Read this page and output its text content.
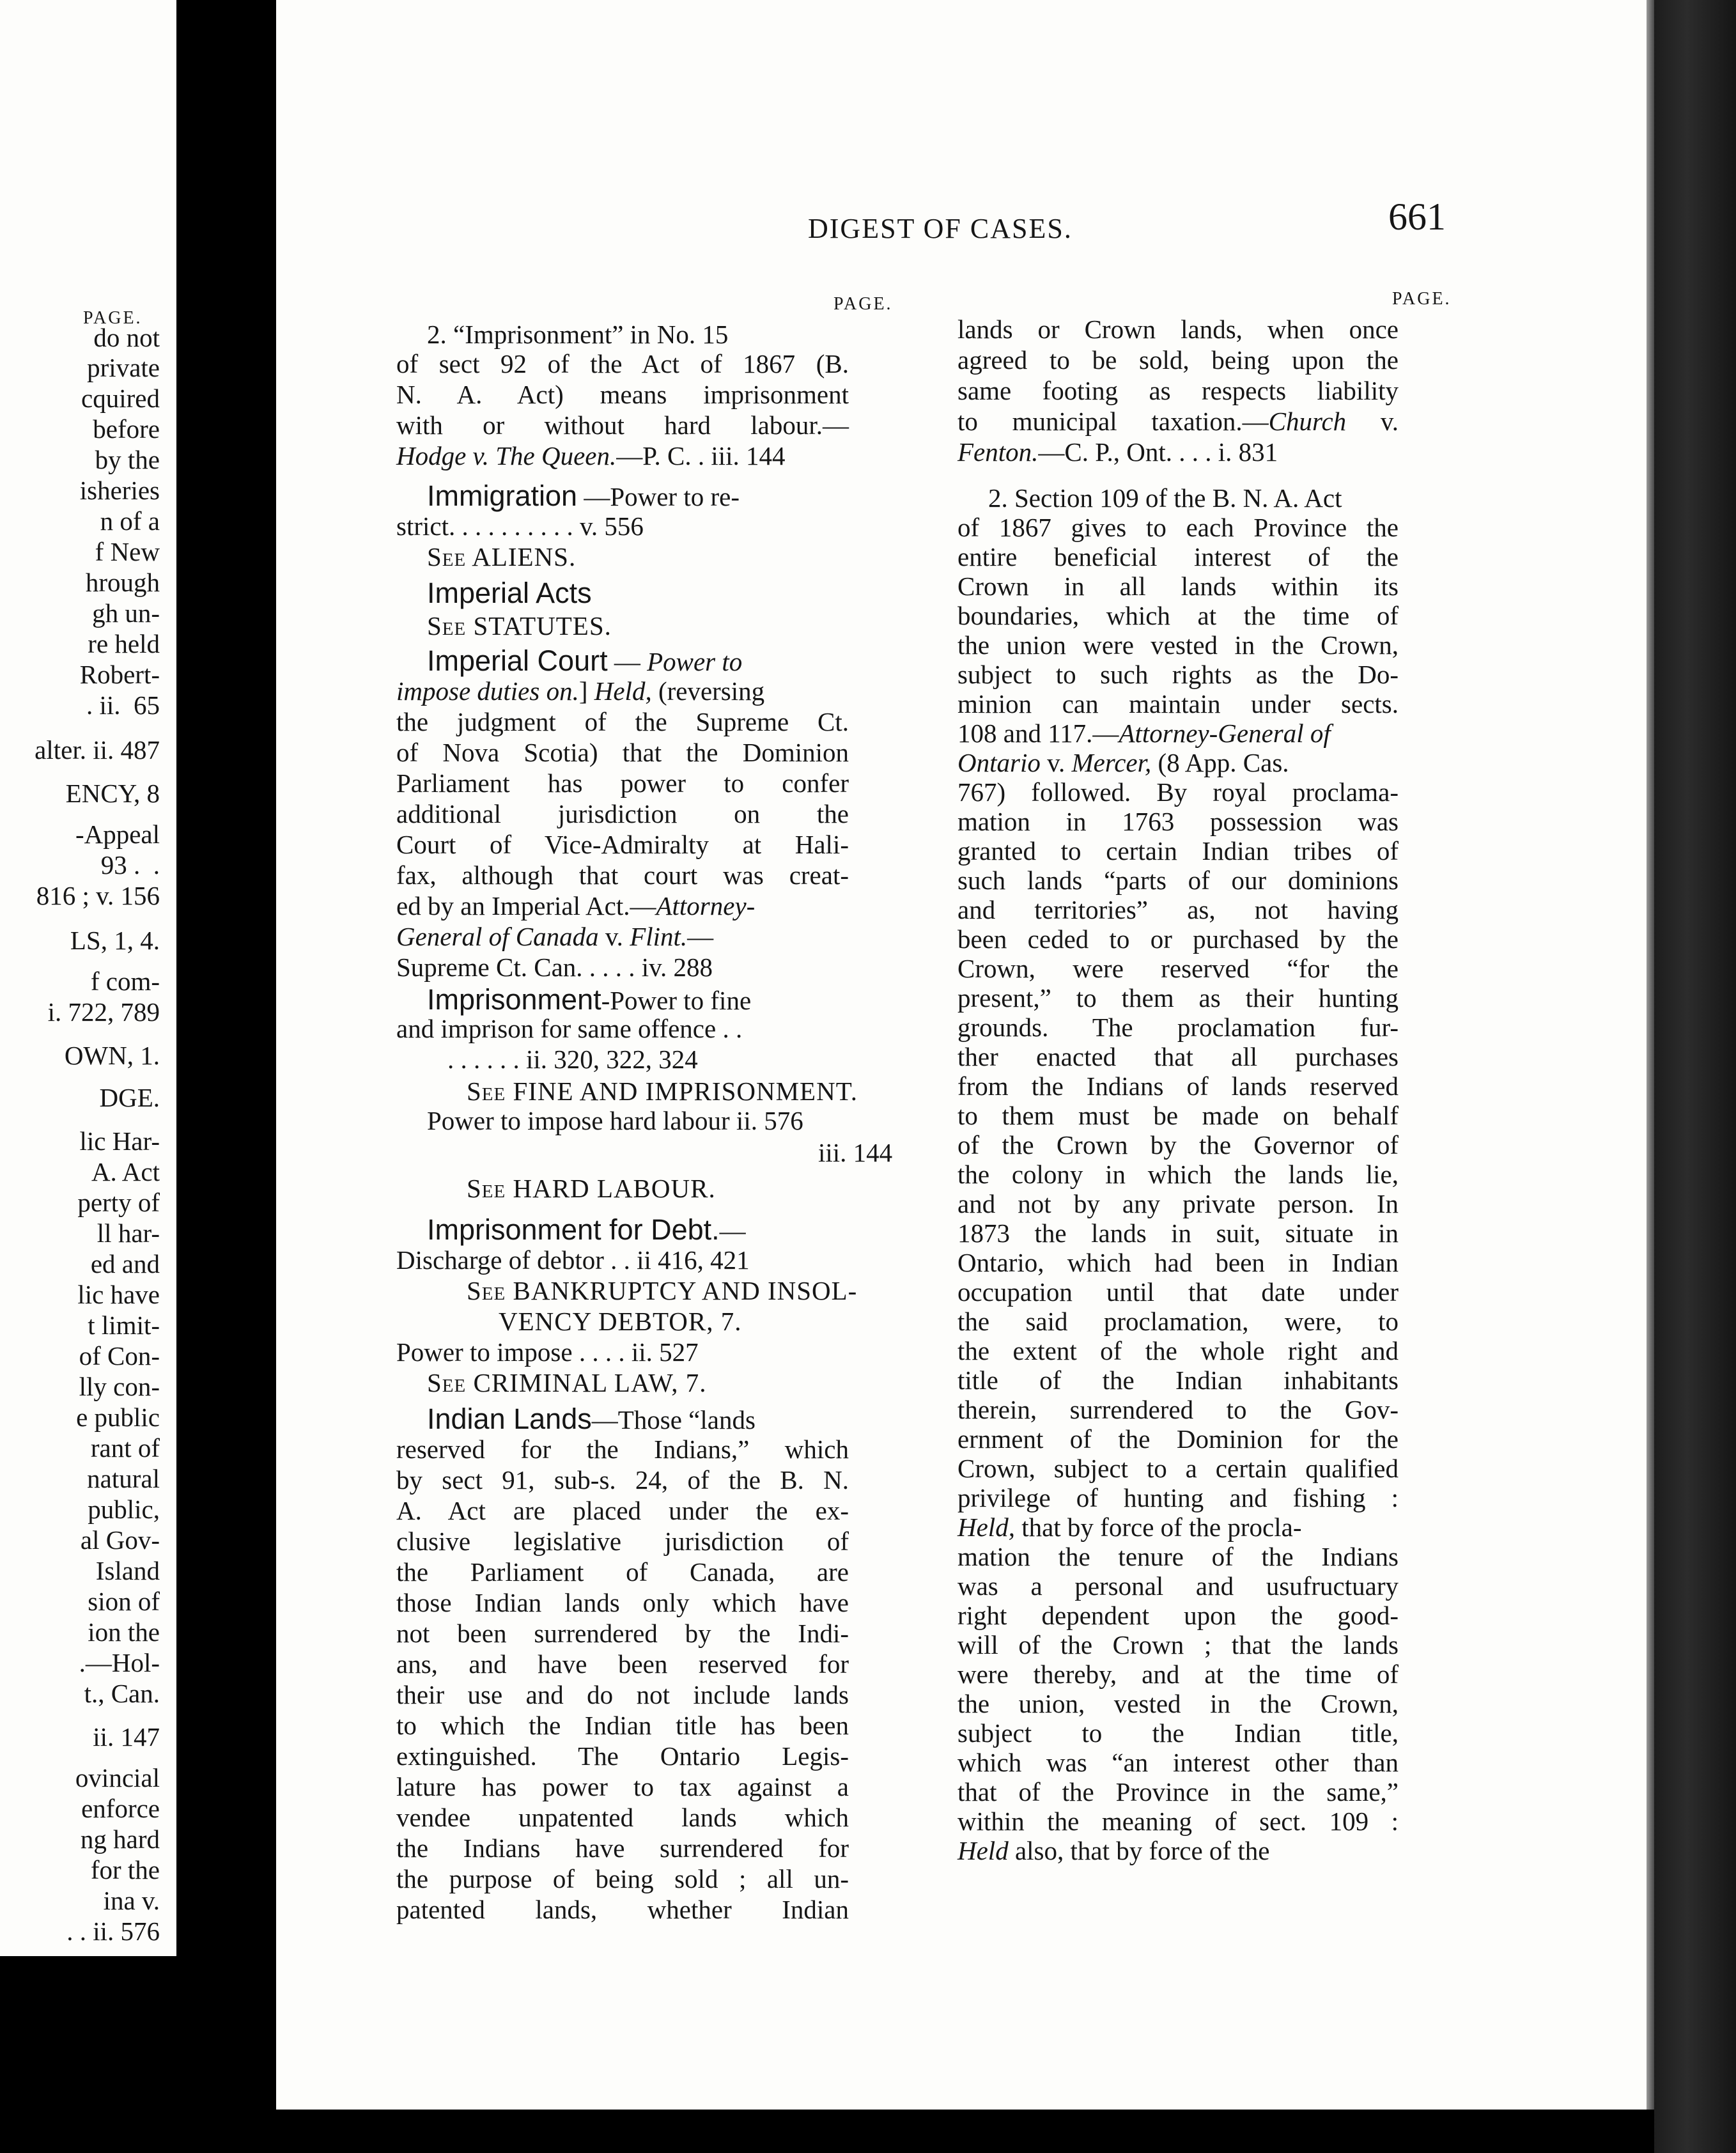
PAGE.
do not
private
cquired
before
by the
isheries
n of a
f New
hrough
gh un-
re held
Robert-
. ii.  65
alter. ii. 487
ENCY, 8
-Appeal
93 .  .
816 ; v. 156
LS, 1, 4.
f com-
i. 722, 789
OWN, 1.
DGE.
lic Har-
A. Act
perty of
ll har-
ed and
lic have
t limit-
of Con-
lly con-
e public
rant of
natural
public,
al Gov-
Island
sion of
ion the
.—Hol-
t., Can.
ii. 147
ovincial
enforce
ng hard
for the
ina v.
. . ii. 576
DIGEST OF CASES.	661
PAGE.	PAGE.
2. “Imprisonment” in No. 15
of sect 92 of the Act of 1867 (B.
N. A. Act) means imprisonment
with or without hard labour.—
Hodge v. The Queen.—P. C. . iii. 144
Immigration —Power to re-
strict. . . . . . . . . . v. 556
See ALIENS.
Imperial Acts
See STATUTES.
Imperial Court — Power to
impose duties on.] Held, (reversing
the judgment of the Supreme Ct.
of Nova Scotia) that the Dominion
Parliament has power to confer
additional jurisdiction on the
Court of Vice-Admiralty at Hali-
fax, although that court was creat-
ed by an Imperial Act.—Attorney-
General of Canada v. Flint.—
Supreme Ct. Can. . . . . iv. 288
Imprisonment-Power to fine
and imprison for same offence . .
. . . . . . ii. 320, 322, 324
See FINE AND IMPRISONMENT.
Power to impose hard labour ii. 576
iii. 144
See HARD LABOUR.
Imprisonment for Debt.—
Discharge of debtor . . ii 416, 421
See BANKRUPTCY AND INSOL-
VENCY DEBTOR, 7.
Power to impose . . . . ii. 527
See CRIMINAL LAW, 7.
Indian Lands—Those “lands
reserved for the Indians,” which
by sect 91, sub-s. 24, of the B. N.
A. Act are placed under the ex-
clusive legislative jurisdiction of
the Parliament of Canada, are
those Indian lands only which have
not been surrendered by the Indi-
ans, and have been reserved for
their use and do not include lands
to which the Indian title has been
extinguished. The Ontario Legis-
lature has power to tax against a
vendee unpatented lands which
the Indians have surrendered for
the purpose of being sold ; all un-
patented lands, whether Indian
lands or Crown lands, when once
agreed to be sold, being upon the
same footing as respects liability
to municipal taxation.—Church v.
Fenton.—C. P., Ont. . . . i. 831
2. Section 109 of the B. N. A. Act
of 1867 gives to each Province the
entire beneficial interest of the
Crown in all lands within its
boundaries, which at the time of
the union were vested in the Crown,
subject to such rights as the Do-
minion can maintain under sects.
108 and 117.—Attorney-General of
Ontario v. Mercer, (8 App. Cas.
767) followed. By royal proclama-
mation in 1763 possession was
granted to certain Indian tribes of
such lands “parts of our dominions
and territories” as, not having
been ceded to or purchased by the
Crown, were reserved “for the
present,” to them as their hunting
grounds. The proclamation fur-
ther enacted that all purchases
from the Indians of lands reserved
to them must be made on behalf
of the Crown by the Governor of
the colony in which the lands lie,
and not by any private person. In
1873 the lands in suit, situate in
Ontario, which had been in Indian
occupation until that date under
the said proclamation, were, to
the extent of the whole right and
title of the Indian inhabitants
therein, surrendered to the Gov-
ernment of the Dominion for the
Crown, subject to a certain qualified
privilege of hunting and fishing :
Held, that by force of the procla-
mation the tenure of the Indians
was a personal and usufructuary
right dependent upon the good-
will of the Crown ; that the lands
were thereby, and at the time of
the union, vested in the Crown,
subject to the Indian title,
which was “an interest other than
that of the Province in the same,”
within the meaning of sect. 109 :
Held also, that by force of the
